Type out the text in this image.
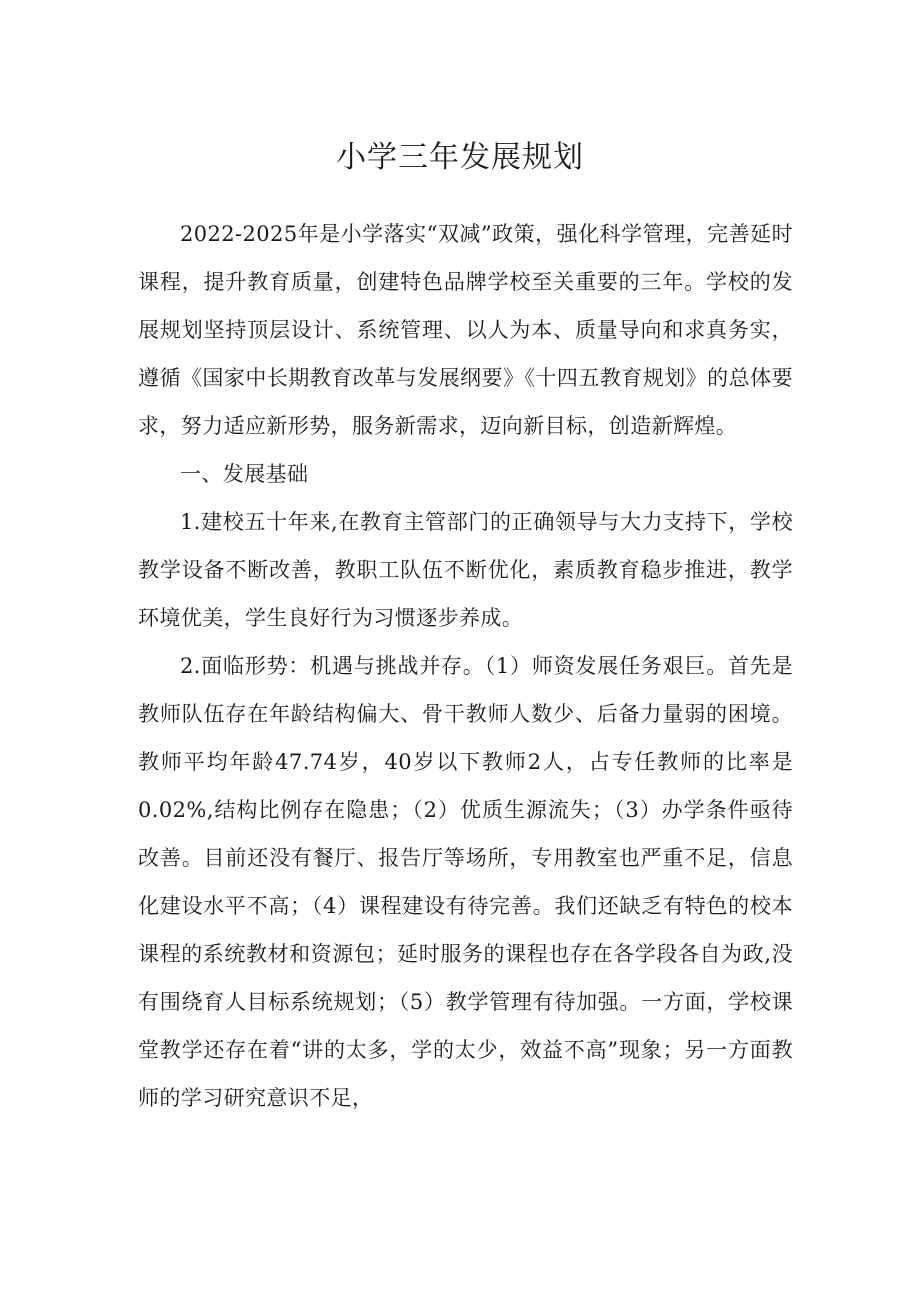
小学三年发展规划

2022-2025年是小学落实“双减”政策，强化科学管理，完善延时课程，提升教育质量，创建特色品牌学校至关重要的三年。学校的发展规划坚持顶层设计、系统管理、以人为本、质量导向和求真务实，遵循《国家中长期教育改革与发展纲要》《十四五教育规划》的总体要求，努力适应新形势，服务新需求，迈向新目标，创造新辉煌。

一、发展基础

1.建校五十年来,在教育主管部门的正确领导与大力支持下，学校教学设备不断改善，教职工队伍不断优化，素质教育稳步推进，教学环境优美，学生良好行为习惯逐步养成。

2.面临形势：机遇与挑战并存。（1）师资发展任务艰巨。首先是教师队伍存在年龄结构偏大、骨干教师人数少、后备力量弱的困境。教师平均年龄47.74岁，40岁以下教师2人，占专任教师的比率是0.02%,结构比例存在隐患；（2）优质生源流失；（3）办学条件亟待改善。目前还没有餐厅、报告厅等场所，专用教室也严重不足，信息化建设水平不高；（4）课程建设有待完善。我们还缺乏有特色的校本课程的系统教材和资源包；延时服务的课程也存在各学段各自为政,没有围绕育人目标系统规划；（5）教学管理有待加强。一方面，学校课堂教学还存在着“讲的太多，学的太少，效益不高”现象；另一方面教师的学习研究意识不足，
